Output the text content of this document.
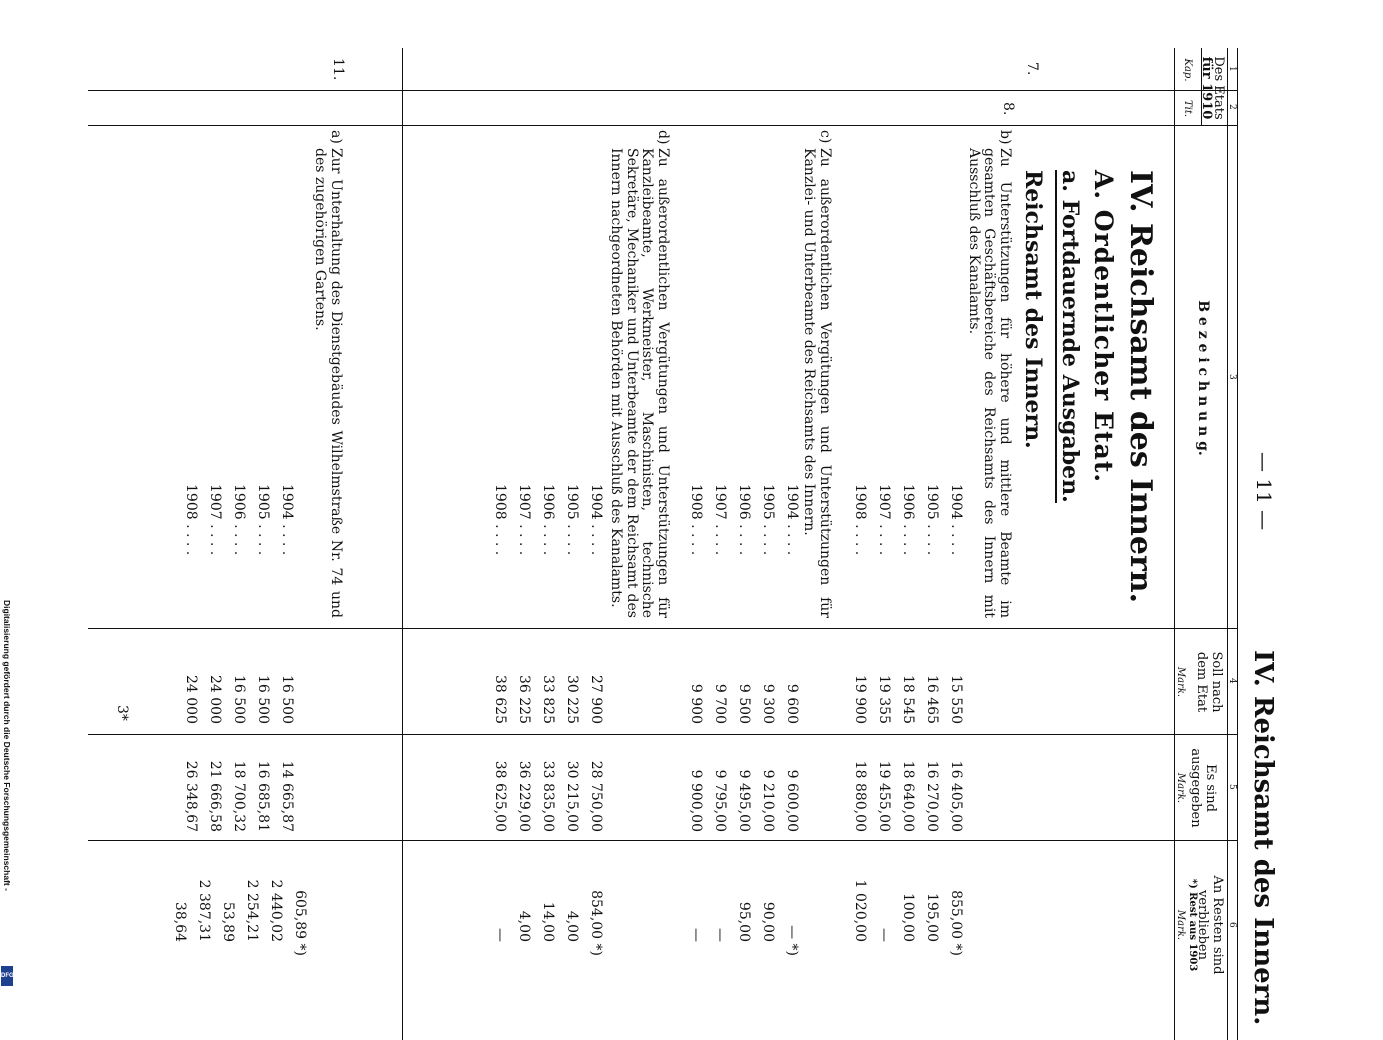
Digitalisierung gefördert durch die Deutsche Forschungsgemeinschaft -
DFG	IV. Reichsamt des Innern.
— 11 —
1
2
3
4
5
6
Des Etats
für 1910
Kap.
Tit.
B e z e i c h n u n g.
Soll nach dem Etat
Mark.
Es sind ausgegeben
Mark.
An Resten sind verblieben
*) Rest aus 1903
Mark.
IV. Reichsamt des Innern.
A. Ordentlicher Etat.
a. Fortdauernde Ausgaben.
Reichsamt des Innern.
7.
11.
8.
b)
Zu Unterstützungen für höhere und mittlere Beamte im gesamten Geschäftsbereiche des Reichsamts des Innern mit Ausschluß des Kanalamts.
1904 . . . .
1905 . . . .
1906 . . . .
1907 . . . .
1908 . . . .
15 550
16 465
18 545
19 355
19 900
16 405,00
16 270,00
18 640,00
19 455,00
18 880,00
855,00 *)
195,00
100,00
—
1 020,00
c)
Zu außerordentlichen Vergütungen und Unterstützungen für Kanzlei- und Unterbeamte des Reichsamts des Innern.
1904 . . . .
1905 . . . .
1906 . . . .
1907 . . . .
1908 . . . .
9 600
9 300
9 500
9 700
9 900
9 600,00
9 210,00
9 495,00
9 795,00
9 900,00
— *)
90,00
95,00
—
—
d)
Zu außerordentlichen Vergütungen und Unterstützungen für Kanzleibeamte, Werkmeister, Maschinisten, technische Sekretäre, Mechaniker und Unterbeamte der dem Reichsamt des Innern nachgeordneten Behörden mit Ausschluß des Kanalamts.
1904 . . . .
1905 . . . .
1906 . . . .
1907 . . . .
1908 . . . .
27 900
30 225
33 825
36 225
38 625
28 750,00
30 215,00
33 835,00
36 229,00
38 625,00
854,00 *)
4,00
14,00
4,00
—
a)
Zur Unterhaltung des Dienstgebäudes Wilhelmstraße Nr. 74 und des zugehörigen Gartens.
1904 . . . .
1905 . . . .
1906 . . . .
1907 . . . .
1908 . . . .
16 500
16 500
16 500
24 000
24 000
14 665,87
16 685,81
18 700,32
21 666,58
26 348,67
605,89 *)
2 440,02
2 254,21
53,89
2 387,31
38,64
3*
